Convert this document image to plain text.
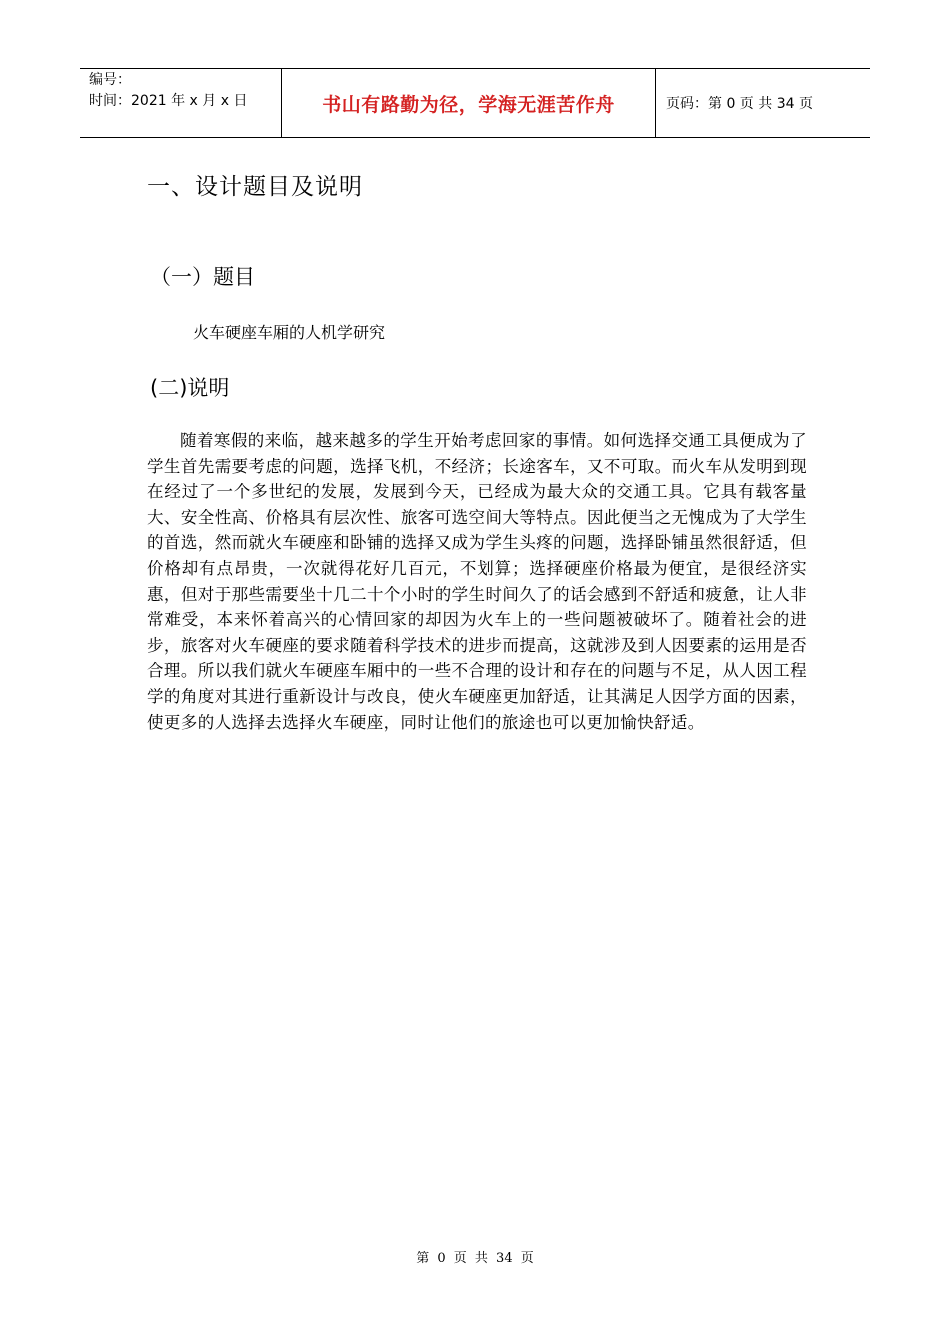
编号：
时间：2021 年 x 月 x 日	书山有路勤为径，学海无涯苦作舟	页码：第 0 页 共 34 页
一、设计题目及说明
（一）题目
火车硬座车厢的人机学研究
(二)说明

随着寒假的来临，越来越多的学生开始考虑回家的事情。如何选择交通工具便成为了学生首先需要考虑的问题，选择飞机，不经济；长途客车，又不可取。而火车从发明到现在经过了一个多世纪的发展，发展到今天，已经成为最大众的交通工具。它具有载客量大、安全性高、价格具有层次性、旅客可选空间大等特点。因此便当之无愧成为了大学生的首选，然而就火车硬座和卧铺的选择又成为学生头疼的问题，选择卧铺虽然很舒适，但价格却有点昂贵，一次就得花好几百元，不划算；选择硬座价格最为便宜，是很经济实惠，但对于那些需要坐十几二十个小时的学生时间久了的话会感到不舒适和疲惫，让人非常难受，本来怀着高兴的心情回家的却因为火车上的一些问题被破坏了。随着社会的进步，旅客对火车硬座的要求随着科学技术的进步而提高，这就涉及到人因要素的运用是否合理。所以我们就火车硬座车厢中的一些不合理的设计和存在的问题与不足，从人因工程学的角度对其进行重新设计与改良，使火车硬座更加舒适，让其满足人因学方面的因素，使更多的人选择去选择火车硬座，同时让他们的旅途也可以更加愉快舒适。

第 0 页 共 34 页
